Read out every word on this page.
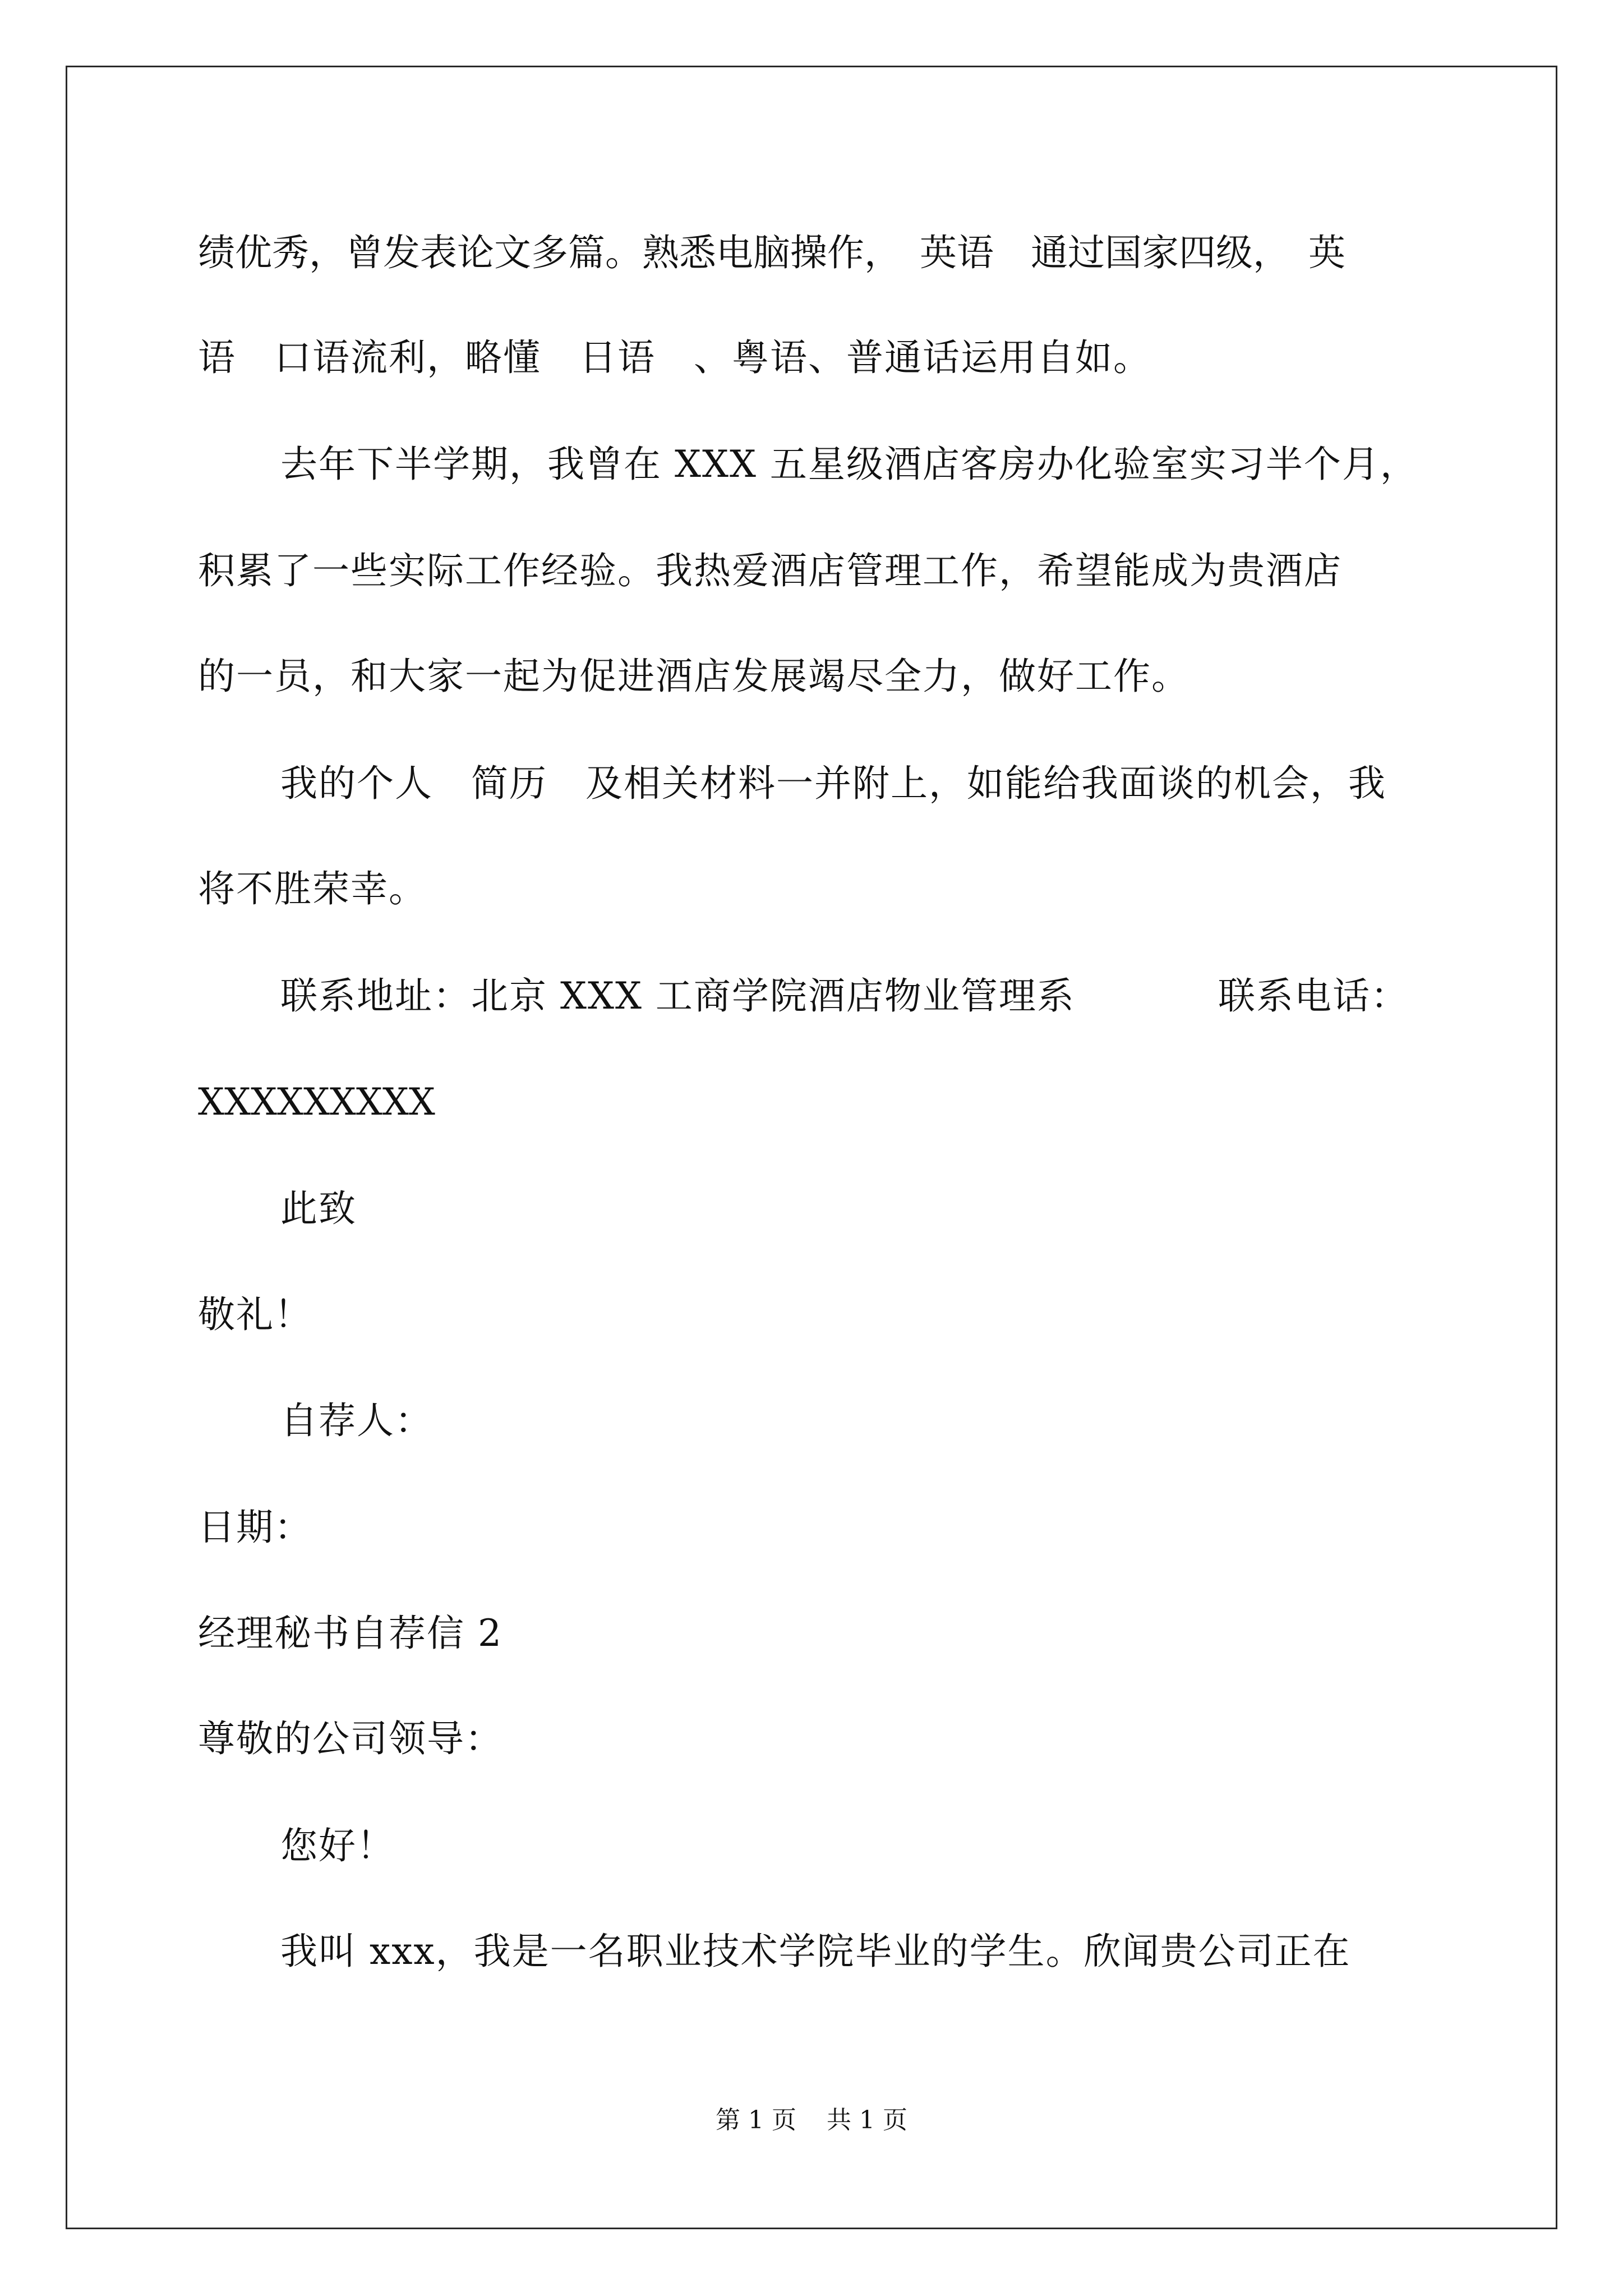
绩优秀，曾发表论文多篇。熟悉电脑操作，　英语　通过国家四级，　英
语　口语流利，略懂　日语　、粤语、普通话运用自如。
去年下半学期，我曾在 XXX 五星级酒店客房办化验室实习半个月，
积累了一些实际工作经验。我热爱酒店管理工作，希望能成为贵酒店
的一员，和大家一起为促进酒店发展竭尽全力，做好工作。
我的个人　简历　及相关材料一并附上，如能给我面谈的机会，我
将不胜荣幸。
联系地址：北京 XXX 工商学院酒店物业管理系	联系电话：
XXXXXXXXX
此致
敬礼！
自荐人：
日期：
经理秘书自荐信 2
尊敬的公司领导：
您好！
我叫 xxx，我是一名职业技术学院毕业的学生。欣闻贵公司正在
第 1 页 共 1 页
